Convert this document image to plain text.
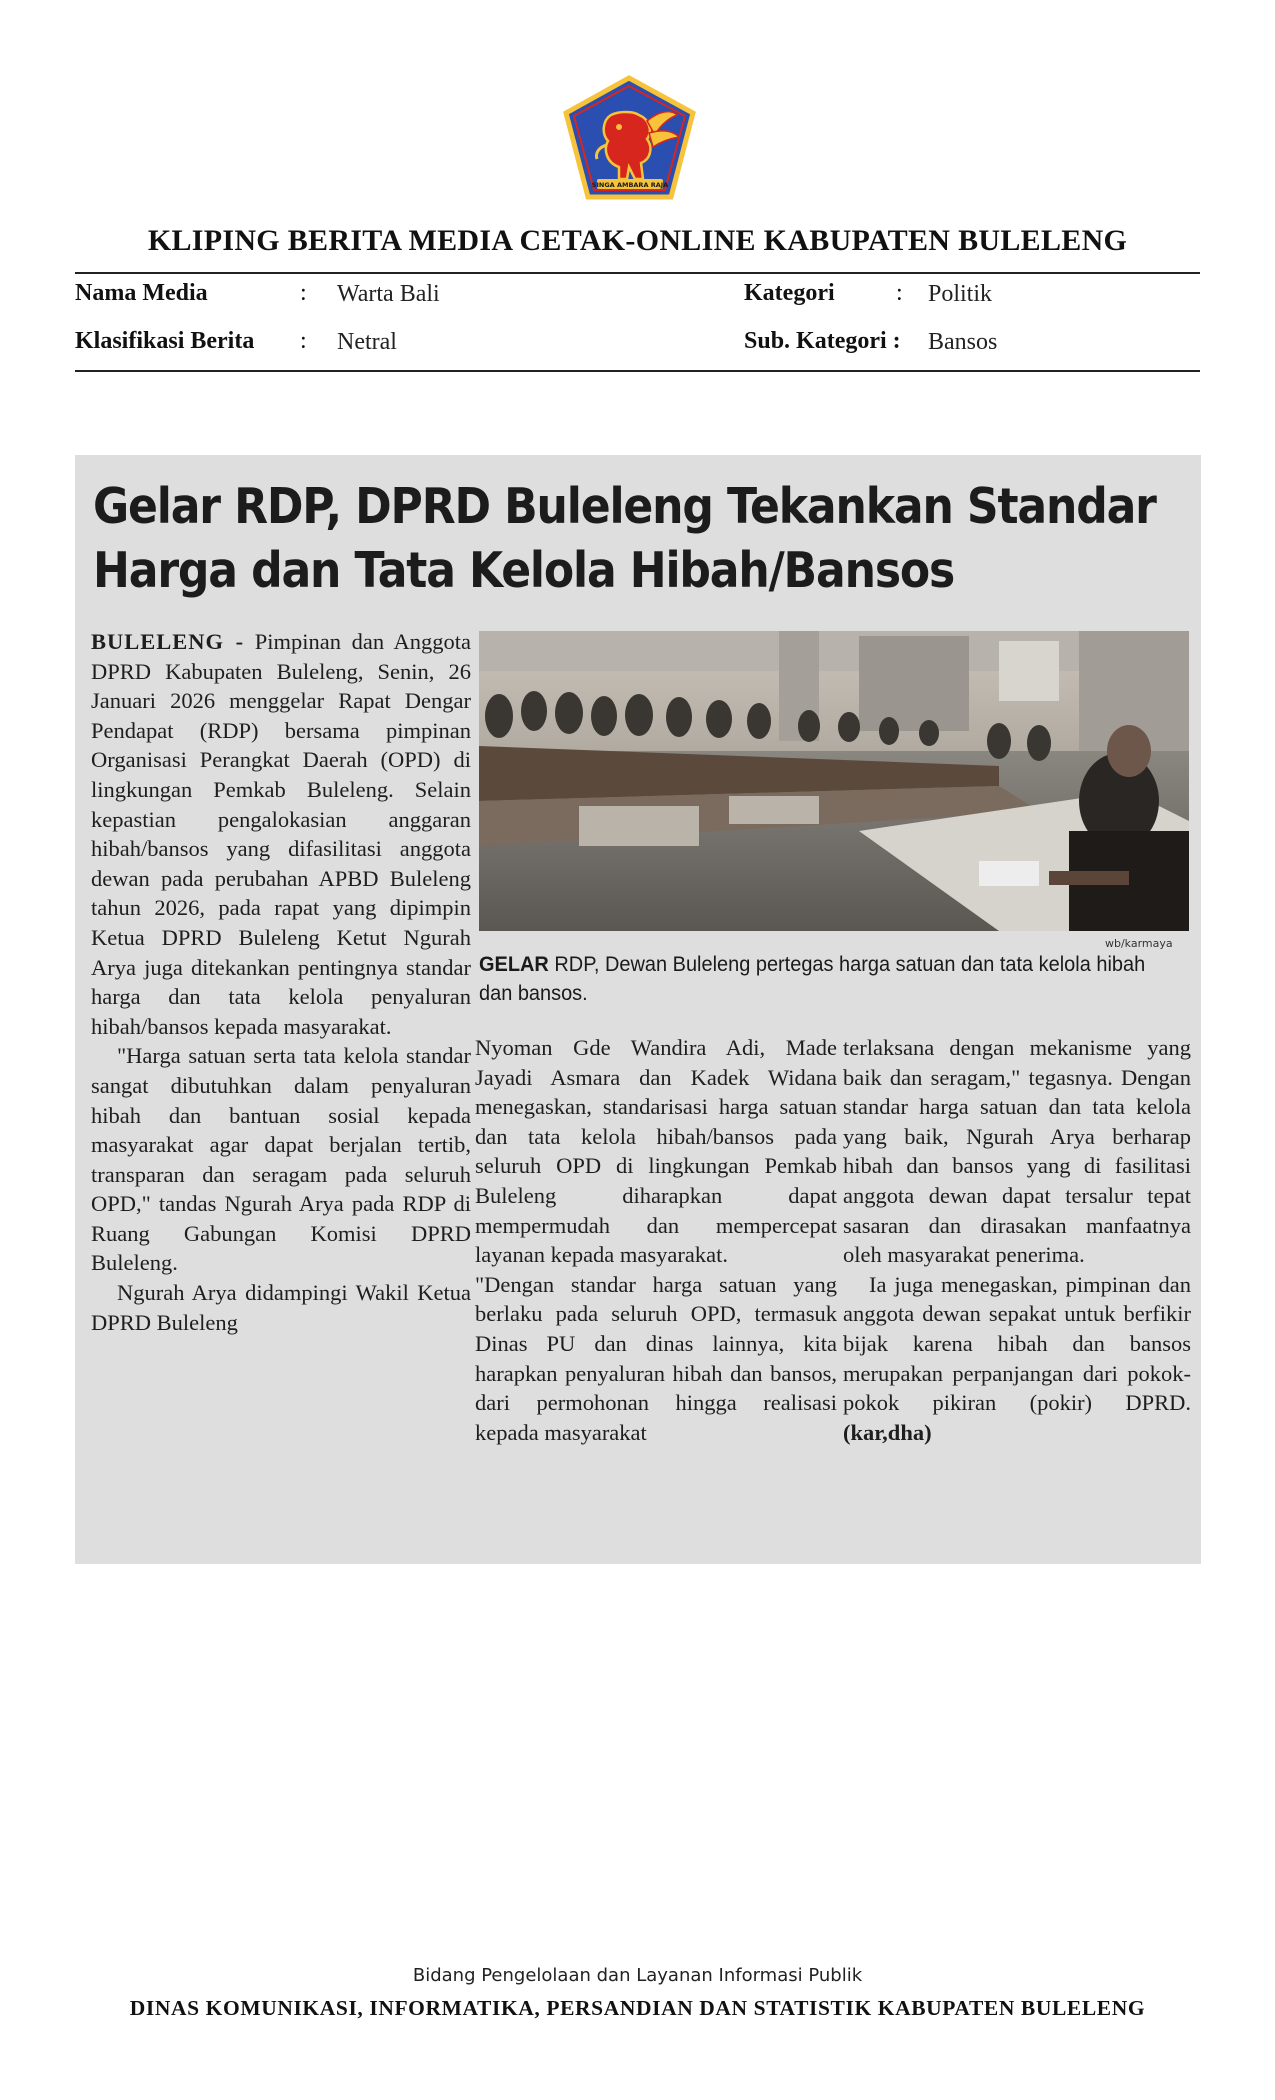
SINGA AMBARA RAJA
KLIPING BERITA MEDIA CETAK-ONLINE KABUPATEN BULELENG
Nama Media	: Warta Bali
Klasifikasi Berita : Netral
Kategori	: Politik
Sub. Kategori : Bansos
Gelar RDP, DPRD Buleleng Tekankan Standar
Harga dan Tata Kelola Hibah/Bansos

BULELENG - Pimpinan dan Anggota DPRD Kabupaten Buleleng, Senin, 26 Januari 2026 menggelar Rapat Dengar Pendapat (RDP) bersama pimpinan Organisasi Perangkat Daerah (OPD) di lingkungan Pemkab Buleleng. Selain kepastian pengalokasian anggaran hibah/bansos yang difasilitasi anggota dewan pada perubahan APBD Buleleng tahun 2026, pada rapat yang dipimpin Ketua DPRD Buleleng Ketut Ngurah Arya juga ditekankan pentingnya standar harga dan tata kelola penyaluran hibah/bansos kepada masyarakat.

"Harga satuan serta tata kelola standar sangat dibutuhkan dalam penyaluran hibah dan bantuan sosial kepada masyarakat agar dapat berjalan tertib, transparan dan seragam pada seluruh OPD," tandas Ngurah Arya pada RDP di Ruang Gabungan Komisi DPRD Buleleng.

Ngurah Arya didampingi Wakil Ketua DPRD Buleleng

wb/karmaya
GELAR RDP, Dewan Buleleng pertegas harga satuan dan tata kelola hibah dan bansos.

Nyoman Gde Wandira Adi, Made Jayadi Asmara dan Kadek Widana menegaskan, standarisasi harga satuan dan tata kelola hibah/bansos pada seluruh OPD di lingkungan Pemkab Buleleng diharapkan dapat mempermudah dan mempercepat layanan kepada masyarakat.

"Dengan standar harga satuan yang berlaku pada seluruh OPD, termasuk Dinas PU dan dinas lainnya, kita harapkan penyaluran hibah dan bansos, dari permohonan hingga realisasi kepada masyarakat

terlaksana dengan mekanisme yang baik dan seragam," tegasnya. Dengan standar harga satuan dan tata kelola yang baik, Ngurah Arya berharap hibah dan bansos yang di fasilitasi anggota dewan dapat tersalur tepat sasaran dan dirasakan manfaatnya oleh masyarakat penerima.

Ia juga menegaskan, pimpinan dan anggota dewan sepakat untuk berfikir bijak karena hibah dan bansos merupakan perpanjangan dari pokok-pokok pikiran (pokir) DPRD. (kar,dha)

Bidang Pengelolaan dan Layanan Informasi Publik
DINAS KOMUNIKASI, INFORMATIKA, PERSANDIAN DAN STATISTIK KABUPATEN BULELENG
